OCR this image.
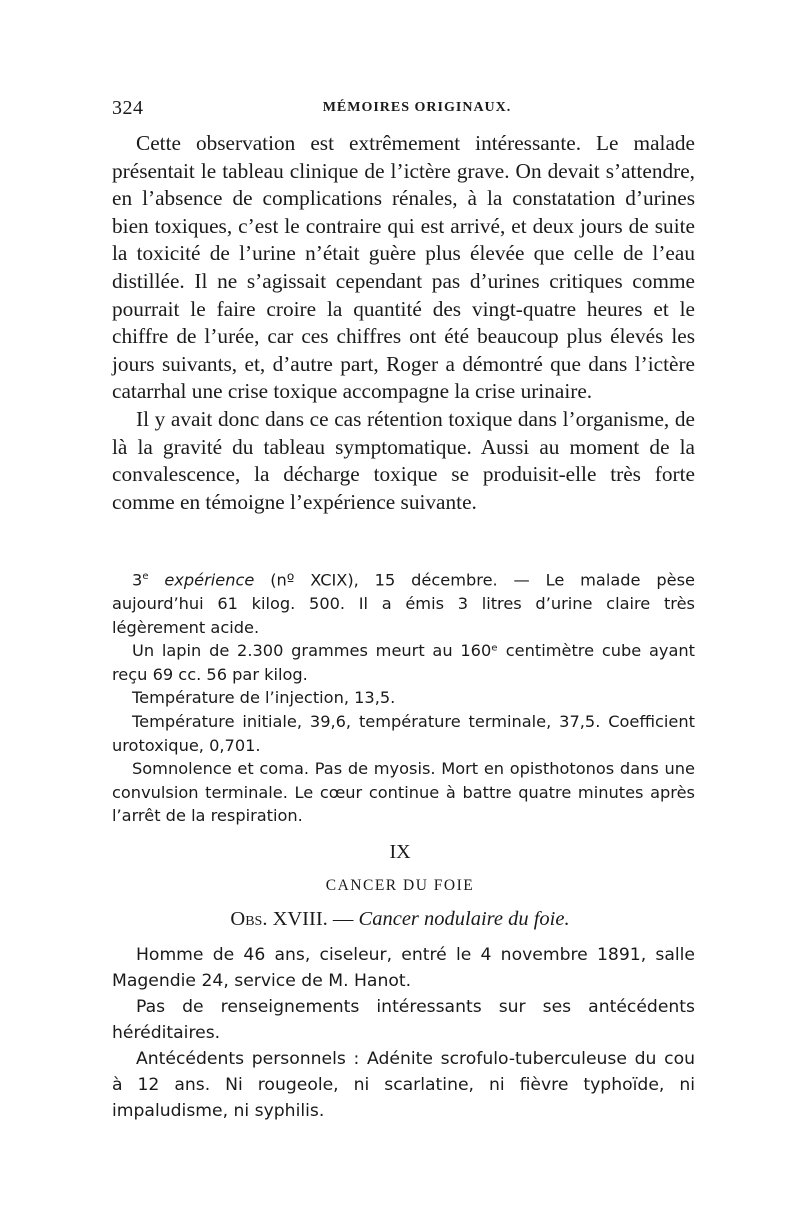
324	MÉMOIRES ORIGINAUX.

Cette observation est extrêmement intéressante. Le malade présentait le tableau clinique de l’ictère grave. On devait s’attendre, en l’absence de complications rénales, à la constatation d’urines bien toxiques, c’est le contraire qui est arrivé, et deux jours de suite la toxicité de l’urine n’était guère plus élevée que celle de l’eau distillée. Il ne s’agissait cependant pas d’urines critiques comme pourrait le faire croire la quantité des vingt-quatre heures et le chiffre de l’urée, car ces chiffres ont été beaucoup plus élevés les jours suivants, et, d’autre part, Roger a démontré que dans l’ictère catarrhal une crise toxique accompagne la crise urinaire.

Il y avait donc dans ce cas rétention toxique dans l’organisme, de là la gravité du tableau symptomatique. Aussi au moment de la convalescence, la décharge toxique se produisit-elle très forte comme en témoigne l’expérience suivante.

3e expérience (nº XCIX), 15 décembre. — Le malade pèse aujourd’hui 61 kilog. 500. Il a émis 3 litres d’urine claire très légèrement acide.

Un lapin de 2.300 grammes meurt au 160ᵉ centimètre cube ayant reçu 69 cc. 56 par kilog.

Température de l’injection, 13,5.

Température initiale, 39,6, température terminale, 37,5. Coefficient urotoxique, 0,701.

Somnolence et coma. Pas de myosis. Mort en opisthotonos dans une convulsion terminale. Le cœur continue à battre quatre minutes après l’arrêt de la respiration.

IX
CANCER DU FOIE
Obs. XVIII. — Cancer nodulaire du foie.

Homme de 46 ans, ciseleur, entré le 4 novembre 1891, salle Magendie 24, service de M. Hanot.

Pas de renseignements intéressants sur ses antécédents héréditaires.

Antécédents personnels : Adénite scrofulo-tuberculeuse du cou à 12 ans. Ni rougeole, ni scarlatine, ni fièvre typhoïde, ni impaludisme, ni syphilis.
